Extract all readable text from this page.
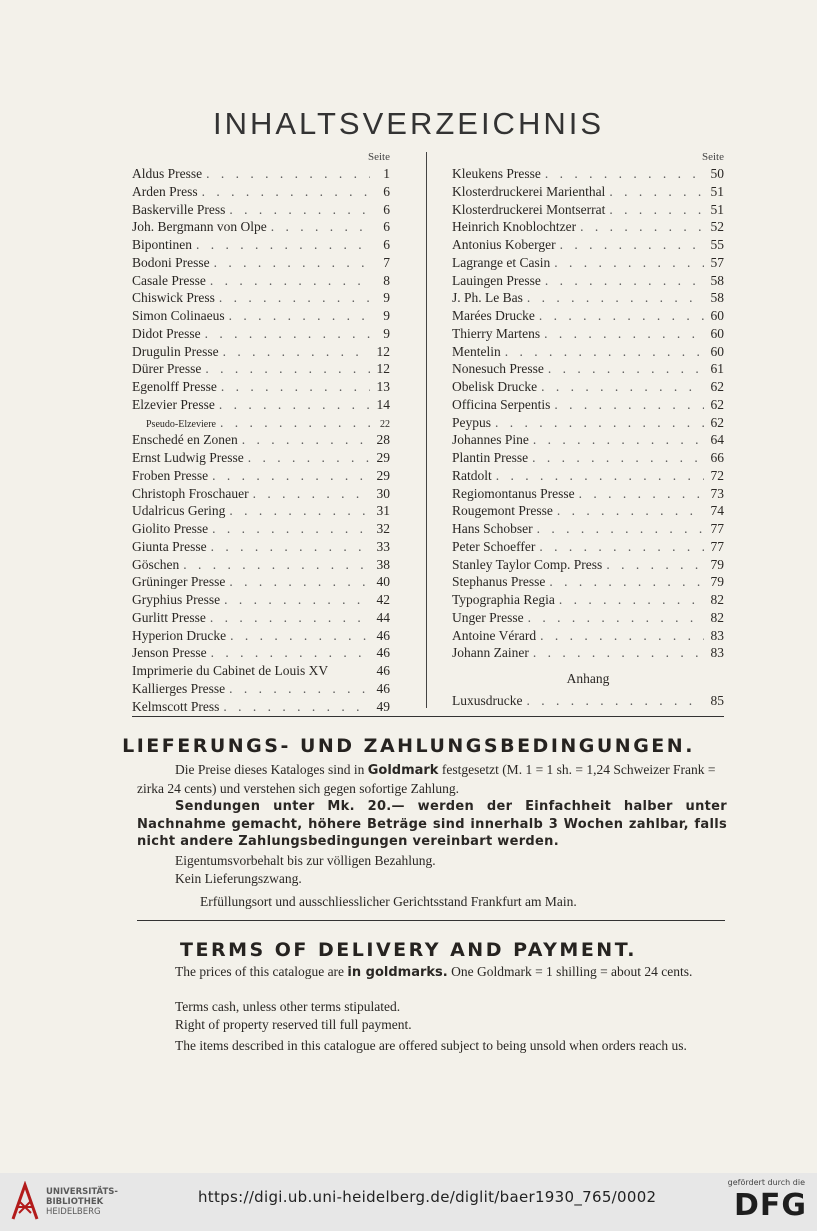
INHALTSVERZEICHNIS
Seite
Aldus Presse . . .	1
Arden Press . . .	6
Baskerville Press . . .	6
Joh. Bergmann von Olpe . . .	6
Bipontinen . . .	6
Bodoni Presse . . .	7
Casale Presse . . .	8
Chiswick Press . . .	9
Simon Colinaeus . . .	9
Didot Presse . . .	9
Drugulin Presse . . .	12
Dürer Presse . . .	12
Egenolff Presse . . .	13
Elzevier Presse . . .	14
Pseudo-Elzeviere . . .	22
Enschedé en Zonen . . .	28
Ernst Ludwig Presse . . .	29
Froben Presse . . .	29
Christoph Froschauer . . .	30
Udalricus Gering . . .	31
Giolito Presse . . .	32
Giunta Presse . . .	33
Göschen . . .	38
Grüninger Presse . . .	40
Gryphius Presse . . .	42
Gurlitt Presse . . .	44
Hyperion Drucke . . .	46
Jenson Presse . . .	46
Imprimerie du Cabinet de Louis XV	46
Kallierges Presse . . .	46
Kelmscott Press . . .	49
Seite
Kleukens Presse . . .	50
Klosterdruckerei Marienthal . . .	51
Klosterdruckerei Montserrat . . .	51
Heinrich Knoblochtzer . . .	52
Antonius Koberger . . .	55
Lagrange et Casin . . .	57
Lauingen Presse . . .	58
J. Ph. Le Bas . . .	58
Marées Drucke . . .	60
Thierry Martens . . .	60
Mentelin . . .	60
Nonesuch Presse . . .	61
Obelisk Drucke . . .	62
Officina Serpentis . . .	62
Peypus . . .	62
Johannes Pine . . .	64
Plantin Presse . . .	66
Ratdolt . . .	72
Regiomontanus Presse . . .	73
Rougemont Presse . . .	74
Hans Schobser . . .	77
Peter Schoeffer . . .	77
Stanley Taylor Comp. Press . . .	79
Stephanus Presse . . .	79
Typographia Regia . . .	82
Unger Presse . . .	82
Antoine Vérard . . .	83
Johann Zainer . . .	83
Anhang
Luxusdrucke . . .	85
LIEFERUNGS- UND ZAHLUNGSBEDINGUNGEN.
Die Preise dieses Kataloges sind in Goldmark festgesetzt (M. 1 = 1 sh. = 1,24 Schweizer Frank = zirka 24 cents) und verstehen sich gegen sofortige Zahlung.
Sendungen unter Mk. 20.— werden der Einfachheit halber unter Nachnahme gemacht, höhere Beträge sind innerhalb 3 Wochen zahlbar, falls nicht andere Zahlungsbedingungen vereinbart werden.
Eigentumsvorbehalt bis zur völligen Bezahlung.
Kein Lieferungszwang.
Erfüllungsort und ausschliesslicher Gerichtsstand Frankfurt am Main.
TERMS OF DELIVERY AND PAYMENT.
The prices of this catalogue are in goldmarks. One Goldmark = 1 shilling = about 24 cents.
Terms cash, unless other terms stipulated.
Right of property reserved till full payment.
The items described in this catalogue are offered subject to being unsold when orders reach us.
UNIVERSITÄTS-
BIBLIOTHEK
HEIDELBERG
https://digi.ub.uni-heidelberg.de/diglit/baer1930_765/0002
gefördert durch die
DFG
